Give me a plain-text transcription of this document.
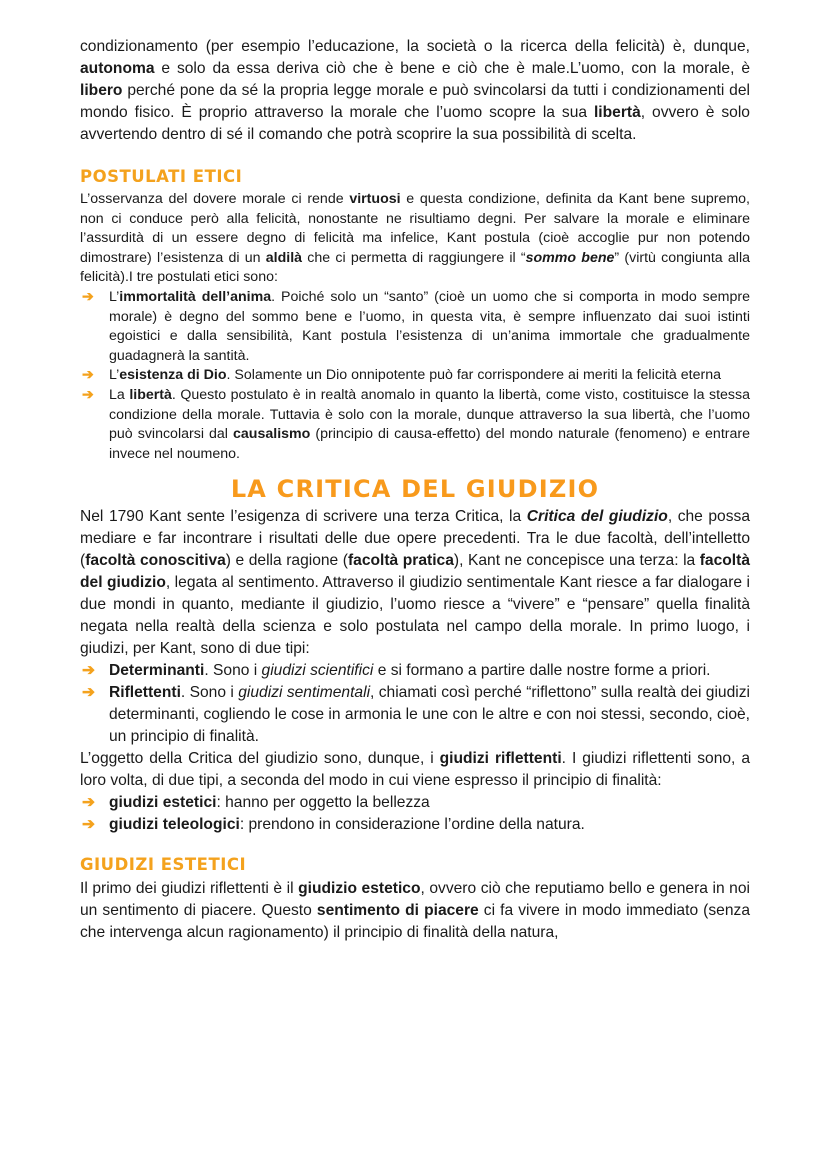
condizionamento (per esempio l’educazione, la società o la ricerca della felicità) è, dunque, autonoma e solo da essa deriva ciò che è bene e ciò che è male.L’uomo, con la morale, è libero perché pone da sé la propria legge morale e può svincolarsi da tutti i condizionamenti del mondo fisico. È proprio attraverso la morale che l’uomo scopre la sua libertà, ovvero è solo avvertendo dentro di sé il comando che potrà scoprire la sua possibilità di scelta.

POSTULATI ETICI

L’osservanza del dovere morale ci rende virtuosi e questa condizione, definita da Kant bene supremo, non ci conduce però alla felicità, nonostante ne risultiamo degni. Per salvare la morale e eliminare l’assurdità di un essere degno di felicità ma infelice, Kant postula (cioè accoglie pur non potendo dimostrare) l’esistenza di un aldilà che ci permetta di raggiungere il “sommo bene” (virtù congiunta alla felicità).I tre postulati etici sono:

➔ L’immortalità dell’anima. Poiché solo un “santo” (cioè un uomo che si comporta in modo sempre morale) è degno del sommo bene e l’uomo, in questa vita, è sempre influenzato dai suoi istinti egoistici e dalla sensibilità, Kant postula l’esistenza di un’anima immortale che gradualmente guadagnerà la santità.
➔ L’esistenza di Dio. Solamente un Dio onnipotente può far corrispondere ai meriti la felicità eterna
➔ La libertà. Questo postulato è in realtà anomalo in quanto la libertà, come visto, costituisce la stessa condizione della morale. Tuttavia è solo con la morale, dunque attraverso la sua libertà, che l’uomo può svincolarsi dal causalismo (principio di causa-effetto) del mondo naturale (fenomeno) e entrare invece nel noumeno.
LA CRITICA DEL GIUDIZIO

Nel 1790 Kant sente l’esigenza di scrivere una terza Critica, la Critica del giudizio, che possa mediare e far incontrare i risultati delle due opere precedenti. Tra le due facoltà, dell’intelletto (facoltà conoscitiva) e della ragione (facoltà pratica), Kant ne concepisce una terza: la facoltà del giudizio, legata al sentimento. Attraverso il giudizio sentimentale Kant riesce a far dialogare i due mondi in quanto, mediante il giudizio, l’uomo riesce a “vivere” e “pensare” quella finalità negata nella realtà della scienza e solo postulata nel campo della morale. In primo luogo, i giudizi, per Kant, sono di due tipi:

➔ Determinanti. Sono i giudizi scientifici e si formano a partire dalle nostre forme a priori.
➔ Riflettenti. Sono i giudizi sentimentali, chiamati così perché “riflettono” sulla realtà dei giudizi determinanti, cogliendo le cose in armonia le une con le altre e con noi stessi, secondo, cioè, un principio di finalità.

L’oggetto della Critica del giudizio sono, dunque, i giudizi riflettenti. I giudizi riflettenti sono, a loro volta, di due tipi, a seconda del modo in cui viene espresso il principio di finalità:

➔ giudizi estetici: hanno per oggetto la bellezza
➔ giudizi teleologici: prendono in considerazione l’ordine della natura.
GIUDIZI ESTETICI

Il primo dei giudizi riflettenti è il giudizio estetico, ovvero ciò che reputiamo bello e genera in noi un sentimento di piacere. Questo sentimento di piacere ci fa vivere in modo immediato (senza che intervenga alcun ragionamento) il principio di finalità della natura,
